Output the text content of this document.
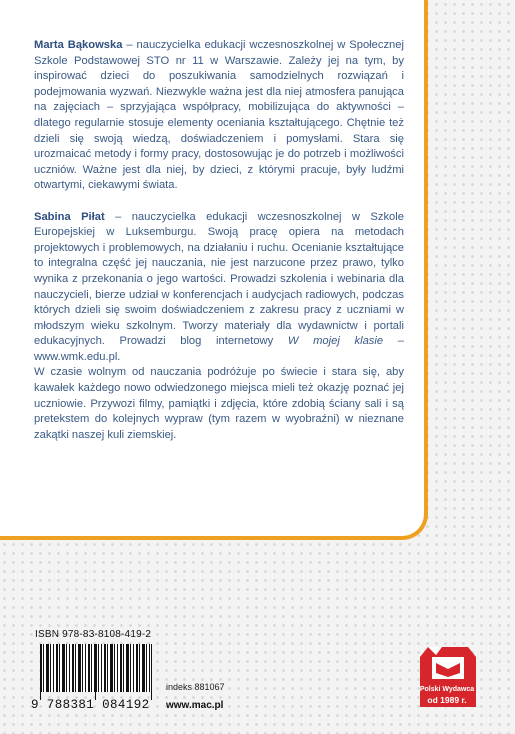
Marta Bąkowska – nauczycielka edukacji wczesnoszkolnej w Społecznej Szkole Podstawowej STO nr 11 w Warszawie. Zależy jej na tym, by inspirować dzieci do poszukiwania samodzielnych rozwiązań i podejmowania wyzwań. Niezwykle ważna jest dla niej atmosfera panująca na zajęciach – sprzyjająca współpracy, mobilizująca do aktywności – dlatego regularnie stosuje elementy oceniania kształtującego. Chętnie też dzieli się swoją wiedzą, doświadczeniem i pomysłami. Stara się urozmaicać metody i formy pracy, dostosowując je do potrzeb i możliwości uczniów. Ważne jest dla niej, by dzieci, z którymi pracuje, były ludźmi otwartymi, ciekawymi świata.

Sabina Piłat – nauczycielka edukacji wczesnoszkolnej w Szkole Europejskiej w Luksemburgu. Swoją pracę opiera na metodach projektowych i problemowych, na działaniu i ruchu. Ocenianie kształtujące to integralna część jej nauczania, nie jest narzucone przez prawo, tylko wynika z przekonania o jego wartości. Prowadzi szkolenia i webinaria dla nauczycieli, bierze udział w konferencjach i audycjach radiowych, podczas których dzieli się swoim doświadczeniem z zakresu pracy z uczniami w młodszym wieku szkolnym. Tworzy materiały dla wydawnictw i portali edukacyjnych. Prowadzi blog internetowy W mojej klasie – www.wmk.edu.pl.

W czasie wolnym od nauczania podróżuje po świecie i stara się, aby kawałek każdego nowo odwiedzonego miejsca mieli też okazję poznać jej uczniowie. Przywozi filmy, pamiątki i zdjęcia, które zdobią ściany sali i są pretekstem do kolejnych wypraw (tym razem w wyobraźni) w nieznane zakątki naszej kuli ziemskiej.

ISBN 978-83-8108-419-2
9 788381 084192
indeks 881067
www.mac.pl
Polski Wydawca
od 1989 r.
